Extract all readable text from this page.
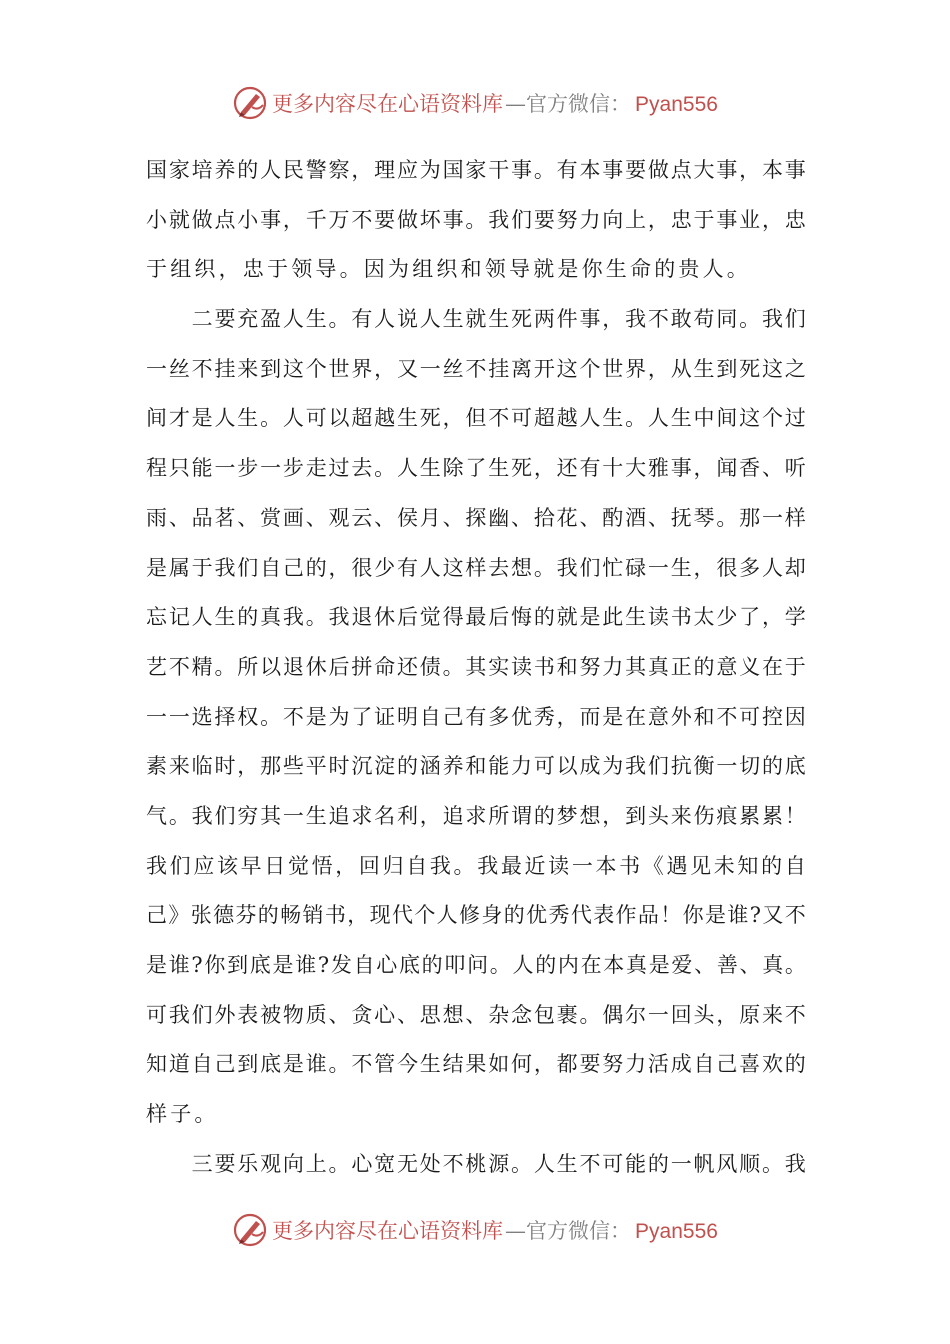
更多内容尽在心语资料库 —官方微信： Pyan556
国 家 培 养 的 人 民 警 察 ， 理 应 为 国 家 干 事 。 有 本 事 要 做 点 大 事 ， 本 事
小 就 做 点 小 事 ， 千 万 不 要 做 坏 事 。 我 们 要 努 力 向 上 ， 忠 于 事 业 ， 忠
于组织，忠于领导。因为组织和领导就是你生命的贵人。

二 要 充 盈 人 生 。 有 人 说 人 生 就 生 死 两 件 事 ， 我 不 敢 苟 同 。 我 们
一 丝 不 挂 来 到 这 个 世 界 ， 又 一 丝 不 挂 离 开 这 个 世 界 ， 从 生 到 死 这 之
间 才 是 人 生 。 人 可 以 超 越 生 死 ， 但 不 可 超 越 人 生 。 人 生 中 间 这 个 过
程 只 能 一 步 一 步 走 过 去 。 人 生 除 了 生 死 ， 还 有 十 大 雅 事 ， 闻 香 、 听
雨 、 品 茗 、 赏 画 、 观 云 、 侯 月 、 探 幽 、 拾 花 、 酌 酒 、 抚 琴 。 那 一 样
是 属 于 我 们 自 己 的 ， 很 少 有 人 这 样 去 想 。 我 们 忙 碌 一 生 ， 很 多 人 却
忘 记 人 生 的 真 我 。 我 退 休 后 觉 得 最 后 悔 的 就 是 此 生 读 书 太 少 了 ， 学
艺 不 精 。 所 以 退 休 后 拼 命 还 债 。 其 实 读 书 和 努 力 其 真 正 的 意 义 在 于
一 一 选 择 权 。 不 是 为 了 证 明 自 己 有 多 优 秀 ， 而 是 在 意 外 和 不 可 控 因
素 来 临 时 ， 那 些 平 时 沉 淀 的 涵 养 和 能 力 可 以 成 为 我 们 抗 衡 一 切 的 底
气 。 我 们 穷 其 一 生 追 求 名 利 ， 追 求 所 谓 的 梦 想 ， 到 头 来 伤 痕 累 累 ！
我 们 应 该 早 日 觉 悟 ， 回 归 自 我 。 我 最 近 读 一 本 书 《 遇 见 未 知 的 自
己 》 张 德 芬 的 畅 销 书 ， 现 代 个 人 修 身 的 优 秀 代 表 作 品 ！ 你 是 谁 ? 又 不
是 谁 ? 你 到 底 是 谁 ? 发 自 心 底 的 叩 问 。 人 的 内 在 本 真 是 爱 、 善 、 真 。
可 我 们 外 表 被 物 质 、 贪 心 、 思 想 、 杂 念 包 裹 。 偶 尔 一 回 头 ， 原 来 不
知 道 自 己 到 底 是 谁 。 不 管 今 生 结 果 如 何 ， 都 要 努 力 活 成 自 己 喜 欢 的
样子。

三 要 乐 观 向 上 。 心 宽 无 处 不 桃 源 。 人 生 不 可 能 的 一 帆 风 顺 。 我
更多内容尽在心语资料库 —官方微信： Pyan556
